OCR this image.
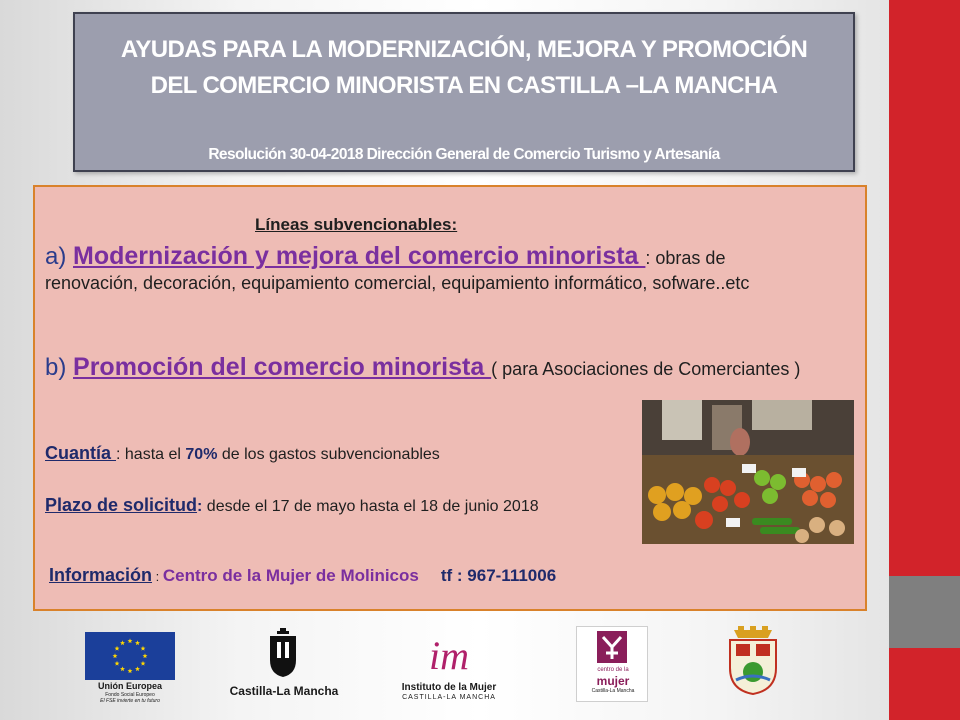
AYUDAS PARA LA MODERNIZACIÓN, MEJORA Y PROMOCIÓN
DEL COMERCIO MINORISTA EN CASTILLA –LA MANCHA
Resolución 30-04-2018 Dirección General de Comercio Turismo y Artesanía
Líneas subvencionables:
a) Modernización y mejora del comercio minorista : obras de
renovación, decoración, equipamiento comercial, equipamiento informático, sofware..etc
b) Promoción del comercio minorista ( para Asociaciones de Comerciantes )
Cuantía : hasta el 70% de los gastos subvencionables
Plazo de solicitud: desde el 17 de mayo hasta el 18 de junio 2018
Información : Centro de la Mujer de Molinicos tf : 967-111006
Unión Europea
Fondo Social Europeo
El FSE invierte en tu futuro
Castilla-La Mancha
im
Instituto de la Mujer
CASTILLA-LA MANCHA
centro de la
mujer
Castilla-La Mancha
